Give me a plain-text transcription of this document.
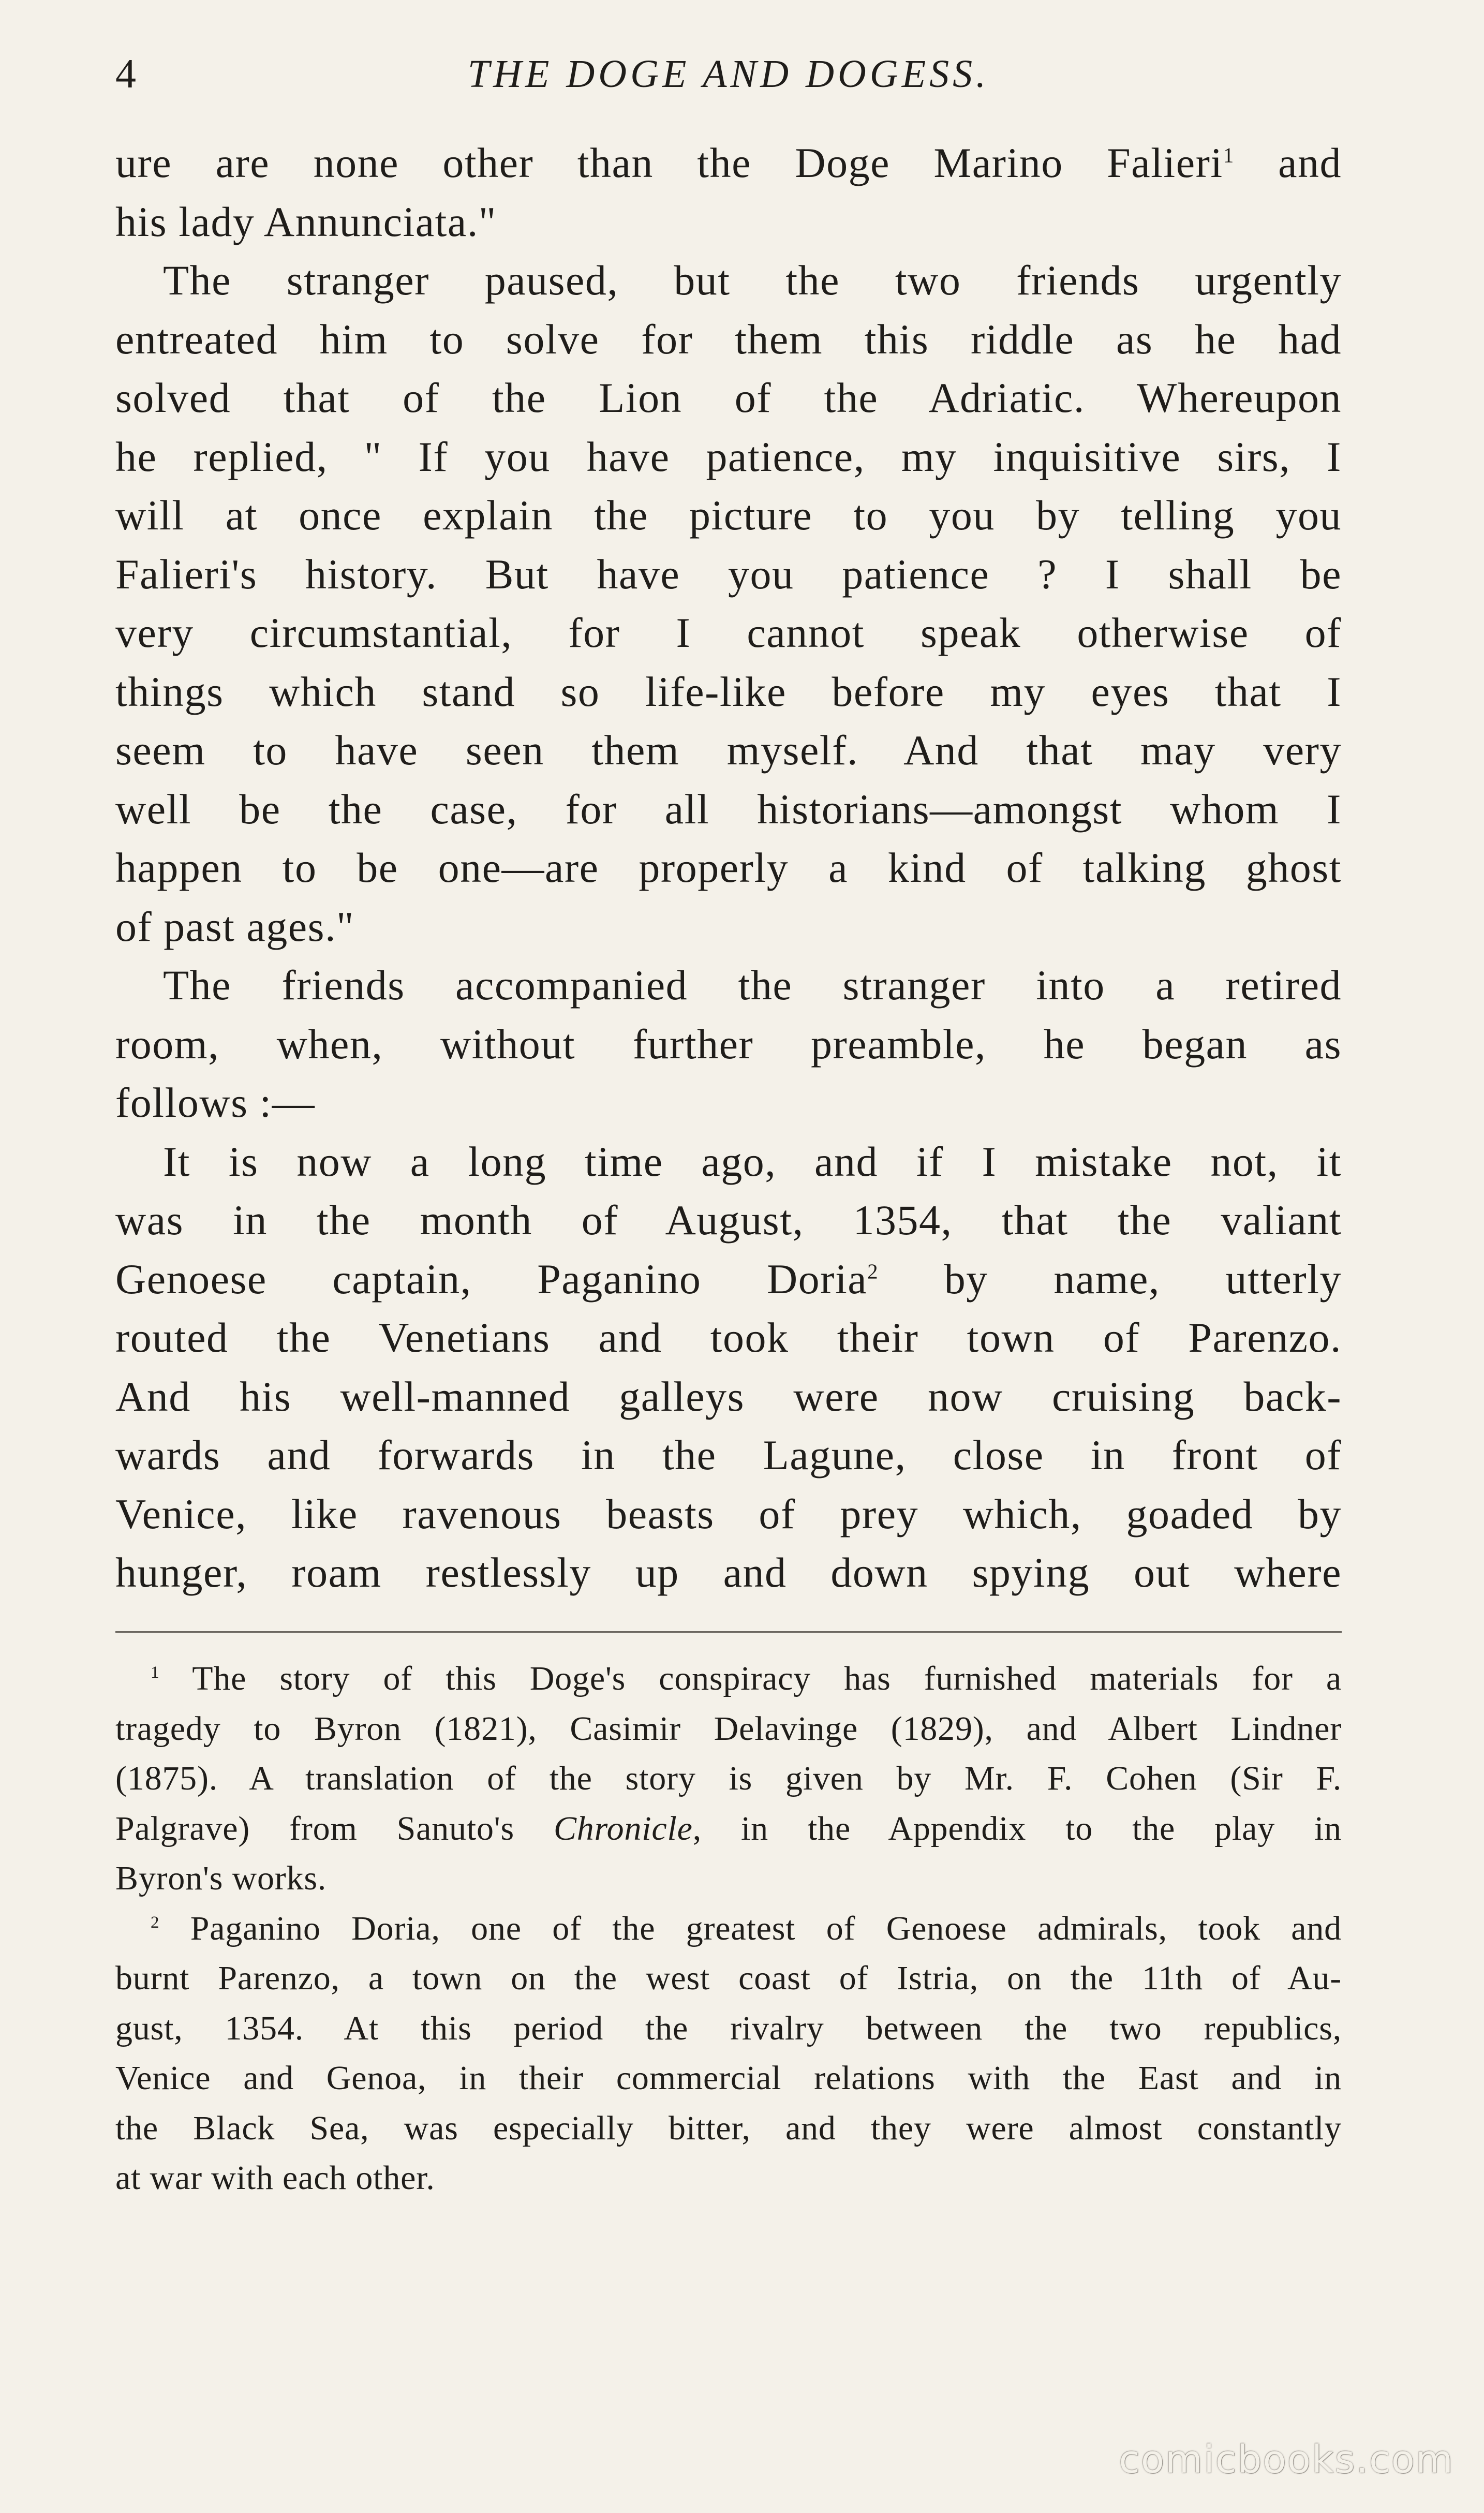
4	THE DOGE AND DOGESS.

ure are none other than the Doge Marino Falieri$^1$ and
his lady Annunciata."

The stranger paused, but the two friends urgently
entreated him to solve for them this riddle as he had
solved that of the Lion of the Adriatic. Whereupon
he replied, " If you have patience, my inquisitive sirs, I
will at once explain the picture to you by telling you
Falieri's history. But have you patience ? I shall be
very circumstantial, for I cannot speak otherwise of
things which stand so life-like before my eyes that I
seem to have seen them myself. And that may very
well be the case, for all historians—amongst whom I
happen to be one—are properly a kind of talking ghost
of past ages."

The friends accompanied the stranger into a retired
room, when, without further preamble, he began as
follows :—

It is now a long time ago, and if I mistake not, it
was in the month of August, 1354, that the valiant
Genoese captain, Paganino Doria$^2$ by name, utterly
routed the Venetians and took their town of Parenzo.
And his well-manned galleys were now cruising back-
wards and forwards in the Lagune, close in front of
Venice, like ravenous beasts of prey which, goaded by
hunger, roam restlessly up and down spying out where

$^1$ The story of this Doge's conspiracy has furnished materials for a
tragedy to Byron (1821), Casimir Delavinge (1829), and Albert Lindner
(1875). A translation of the story is given by Mr. F. Cohen (Sir F.
Palgrave) from Sanuto's Chronicle, in the Appendix to the play in
Byron's works.

$^2$ Paganino Doria, one of the greatest of Genoese admirals, took and
burnt Parenzo, a town on the west coast of Istria, on the 11th of Au-
gust, 1354. At this period the rivalry between the two republics,
Venice and Genoa, in their commercial relations with the East and in
the Black Sea, was especially bitter, and they were almost constantly
at war with each other.

comicbooks.com
